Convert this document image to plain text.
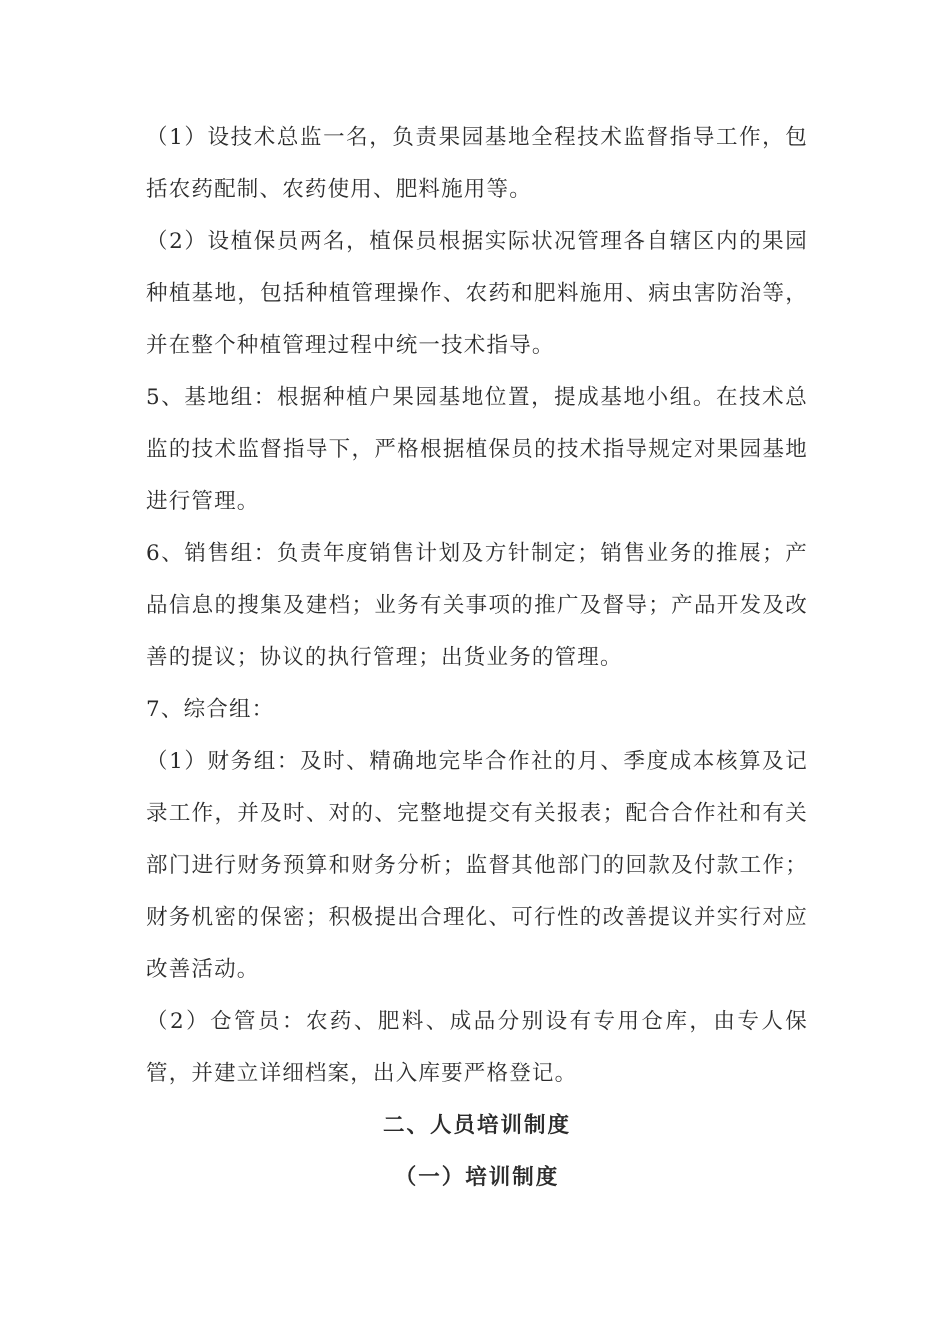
（1）设技术总监一名，负责果园基地全程技术监督指导工作，包括农药配制、农药使用、肥料施用等。

（2）设植保员两名，植保员根据实际状况管理各自辖区内的果园种植基地，包括种植管理操作、农药和肥料施用、病虫害防治等，并在整个种植管理过程中统一技术指导。

5、基地组：根据种植户果园基地位置，提成基地小组。在技术总监的技术监督指导下，严格根据植保员的技术指导规定对果园基地进行管理。

6、销售组：负责年度销售计划及方针制定；销售业务的推展；产品信息的搜集及建档；业务有关事项的推广及督导；产品开发及改善的提议；协议的执行管理；出货业务的管理。

7、综合组：

（1）财务组：及时、精确地完毕合作社的月、季度成本核算及记录工作，并及时、对的、完整地提交有关报表；配合合作社和有关部门进行财务预算和财务分析；监督其他部门的回款及付款工作；财务机密的保密；积极提出合理化、可行性的改善提议并实行对应改善活动。

（2）仓管员：农药、肥料、成品分别设有专用仓库，由专人保管，并建立详细档案，出入库要严格登记。

二、人员培训制度

（一）培训制度
